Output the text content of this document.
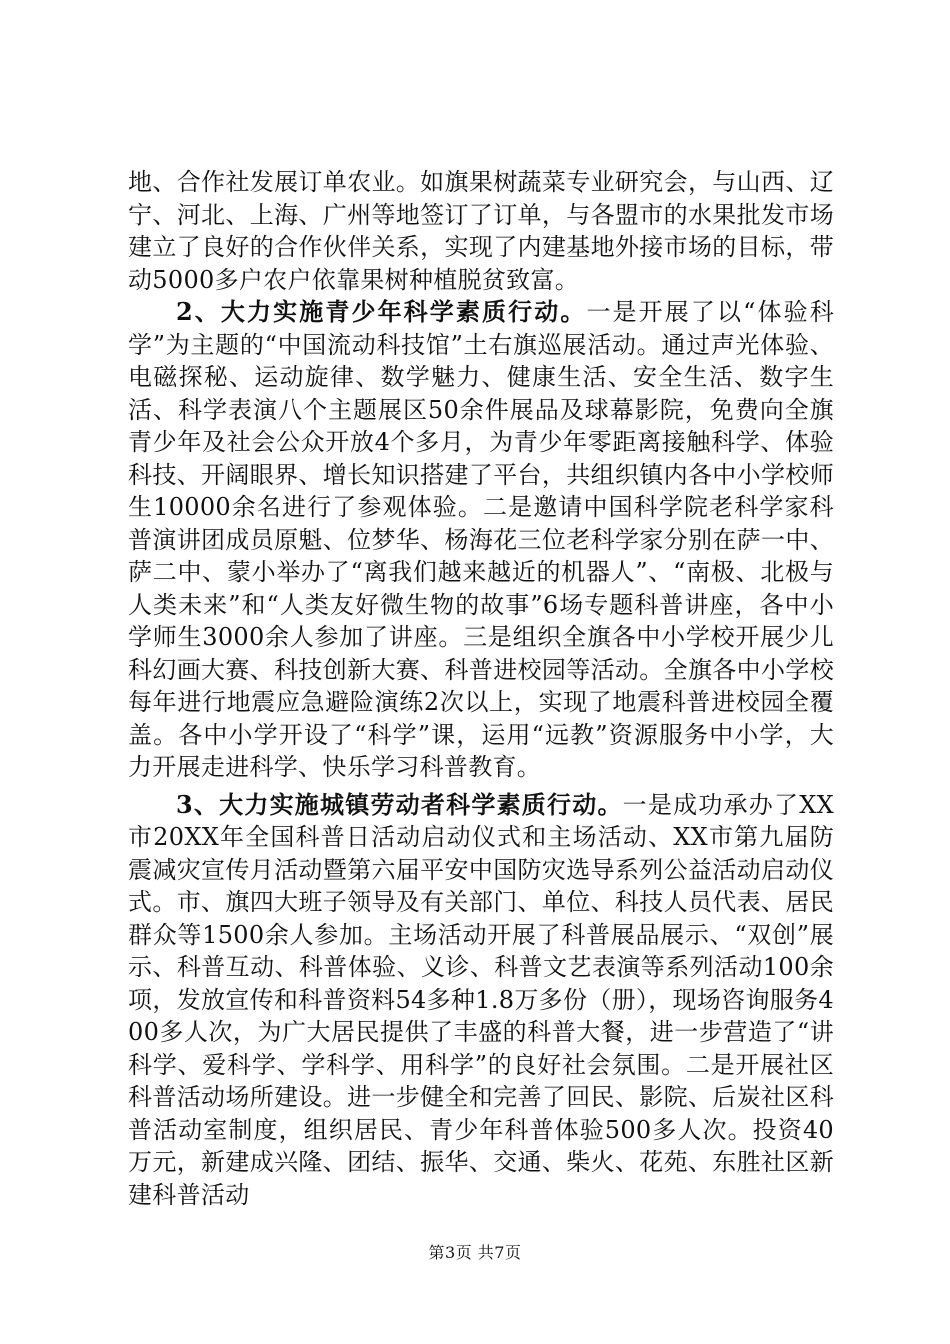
地、合作社发展订单农业。如旗果树蔬菜专业研究会，与山西、辽宁、河北、上海、广州等地签订了订单，与各盟市的水果批发市场建立了良好的合作伙伴关系，实现了内建基地外接市场的目标，带动5000多户农户依靠果树种植脱贫致富。

2、大力实施青少年科学素质行动。一是开展了以“体验科学”为主题的“中国流动科技馆”土右旗巡展活动。通过声光体验、电磁探秘、运动旋律、数学魅力、健康生活、安全生活、数字生活、科学表演八个主题展区50余件展品及球幕影院，免费向全旗青少年及社会公众开放4个多月，为青少年零距离接触科学、体验科技、开阔眼界、增长知识搭建了平台，共组织镇内各中小学校师生10000余名进行了参观体验。二是邀请中国科学院老科学家科普演讲团成员原魁、位梦华、杨海花三位老科学家分别在萨一中、萨二中、蒙小举办了“离我们越来越近的机器人”、“南极、北极与人类未来”和“人类友好微生物的故事”6场专题科普讲座，各中小学师生3000余人参加了讲座。三是组织全旗各中小学校开展少儿科幻画大赛、科技创新大赛、科普进校园等活动。全旗各中小学校每年进行地震应急避险演练2次以上，实现了地震科普进校园全覆盖。各中小学开设了“科学”课，运用“远教”资源服务中小学，大力开展走进科学、快乐学习科普教育。

3、大力实施城镇劳动者科学素质行动。一是成功承办了XX市20XX年全国科普日活动启动仪式和主场活动、XX市第九届防震减灾宣传月活动暨第六届平安中国防灾选导系列公益活动启动仪式。市、旗四大班子领导及有关部门、单位、科技人员代表、居民群众等1500余人参加。主场活动开展了科普展品展示、“双创”展示、科普互动、科普体验、义诊、科普文艺表演等系列活动100余项，发放宣传和科普资料54多种1.8万多份（册），现场咨询服务400多人次，为广大居民提供了丰盛的科普大餐，进一步营造了“讲科学、爱科学、学科学、用科学”的良好社会氛围。二是开展社区科普活动场所建设。进一步健全和完善了回民、影院、后炭社区科普活动室制度，组织居民、青少年科普体验500多人次。投资40万元，新建成兴隆、团结、振华、交通、柴火、花苑、东胜社区新建科普活动

第3页 共7页
